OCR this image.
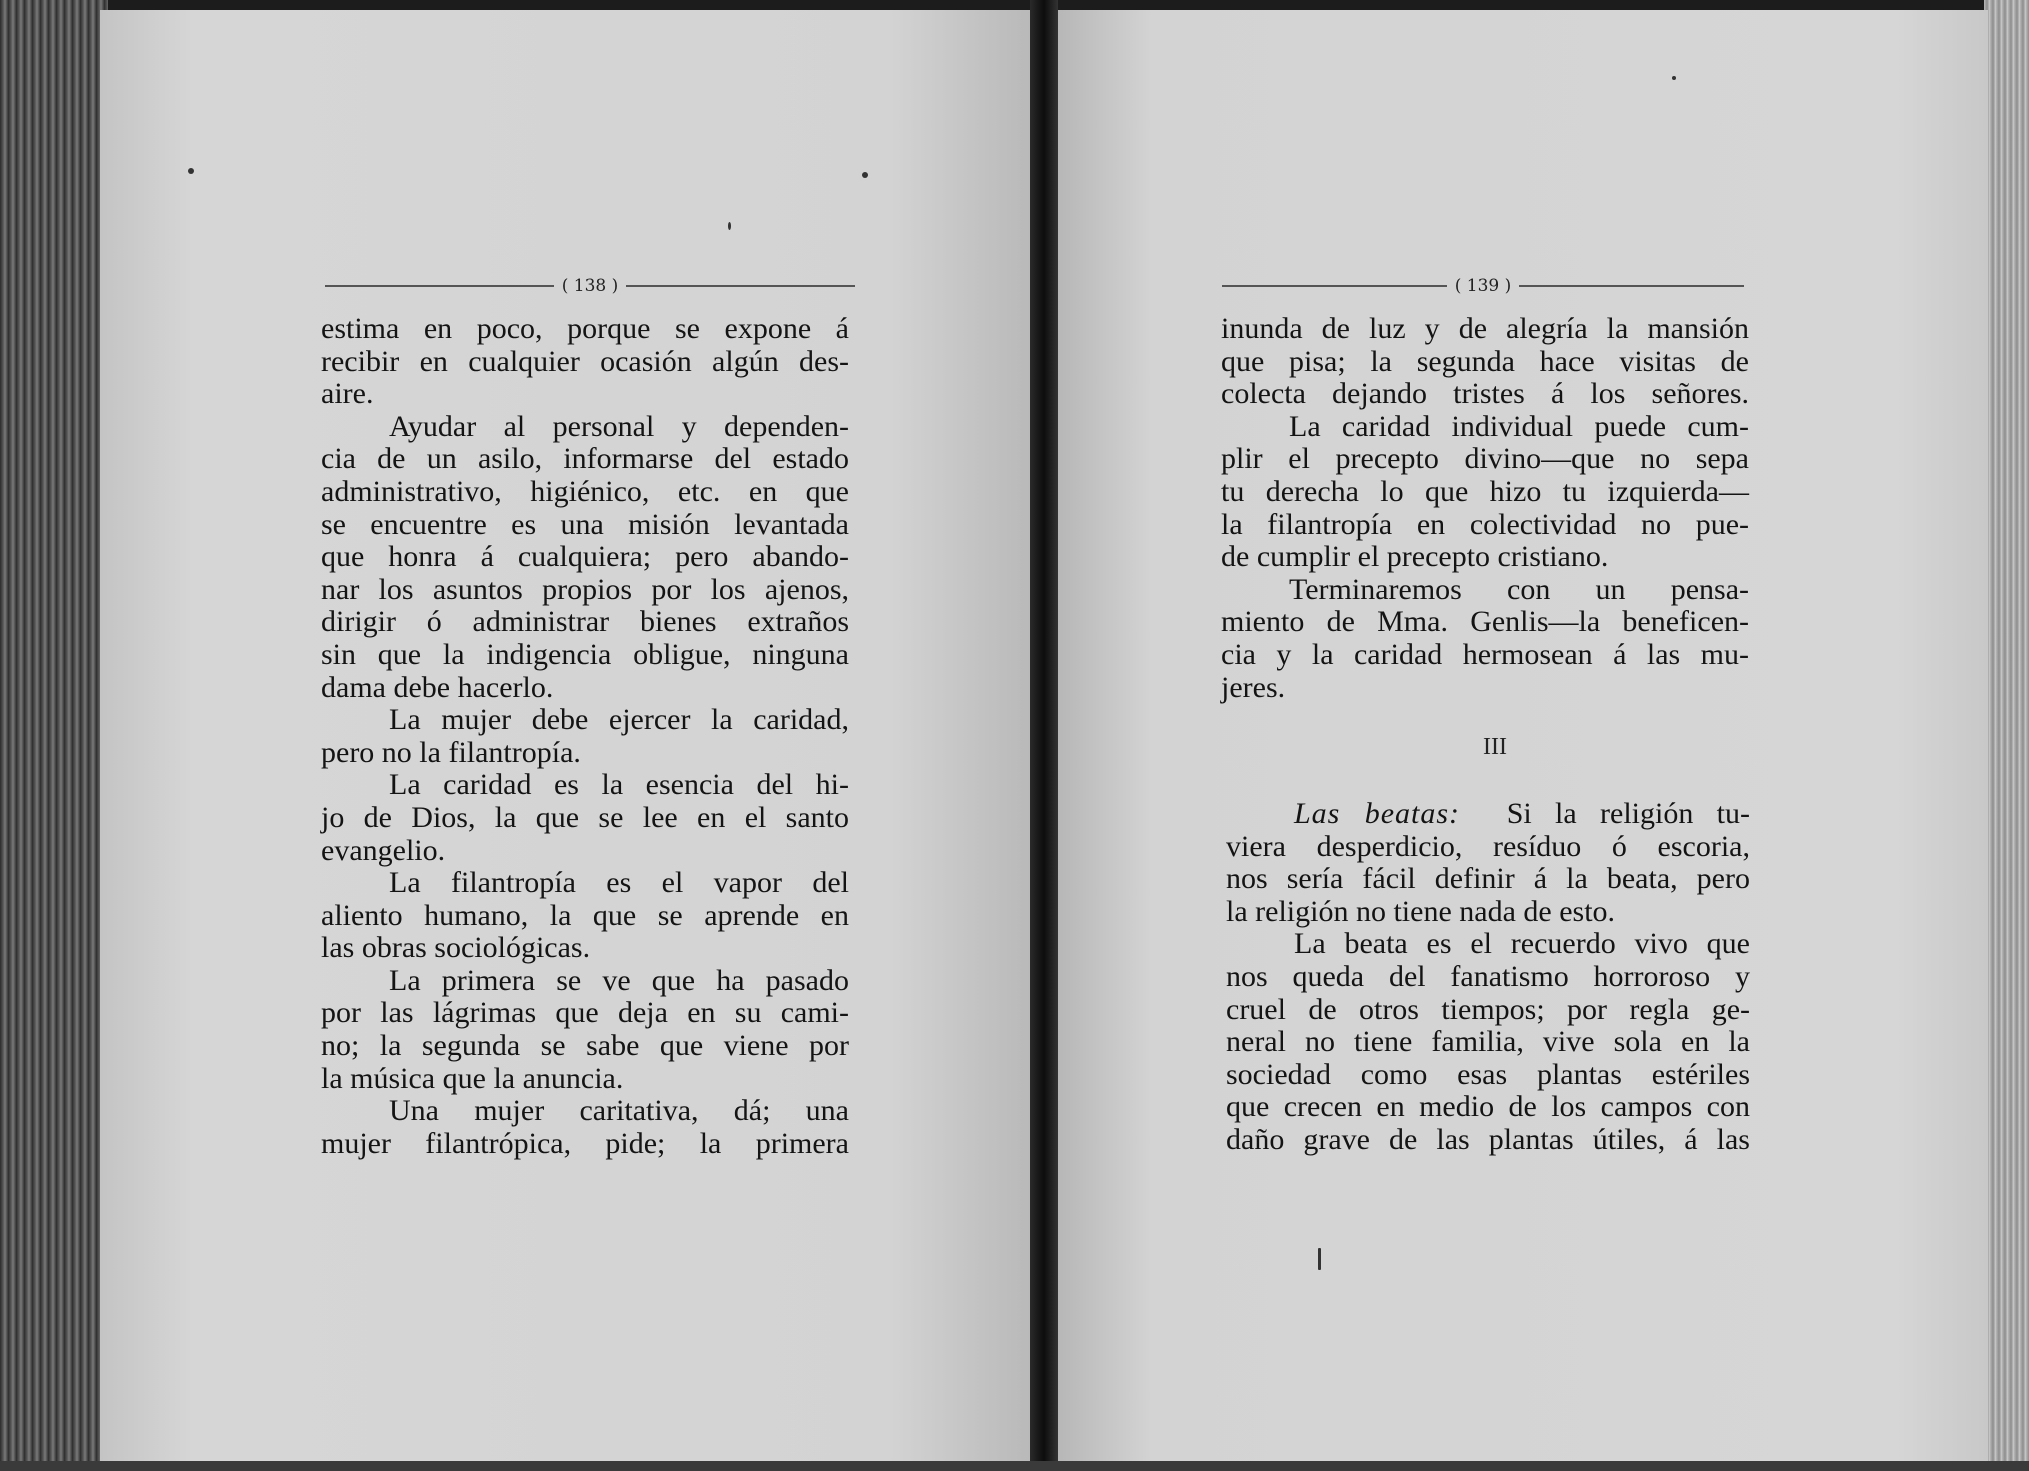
( 138 )
estima en poco, porque se expone á
recibir en cualquier ocasión algún des-
aire.
Ayudar al personal y dependen-
cia de un asilo, informarse del estado
administrativo, higiénico, etc. en que
se encuentre es una misión levantada
que honra á cualquiera; pero abando-
nar los asuntos propios por los ajenos,
dirigir ó administrar bienes extraños
sin que la indigencia obligue, ninguna
dama debe hacerlo.
La mujer debe ejercer la caridad,
pero no la filantropía.
La caridad es la esencia del hi-
jo de Dios, la que se lee en el santo
evangelio.
La filantropía es el vapor del
aliento humano, la que se aprende en
las obras sociológicas.
La primera se ve que ha pasado
por las lágrimas que deja en su cami-
no; la segunda se sabe que viene por
la música que la anuncia.
Una mujer caritativa, dá; una
mujer filantrópica, pide; la primera
( 139 )
inunda de luz y de alegría la mansión
que pisa; la segunda hace visitas de
colecta dejando tristes á los señores.
La caridad individual puede cum-
plir el precepto divino—que no sepa
tu derecha lo que hizo tu izquierda—
la filantropía en colectividad no pue-
de cumplir el precepto cristiano.
Terminaremos con un pensa-
miento de Mma. Genlis—la beneficen-
cia y la caridad hermosean á las mu-
jeres.
III
Las beatas: Si la religión tu-
viera desperdicio, resíduo ó escoria,
nos sería fácil definir á la beata, pero
la religión no tiene nada de esto.
La beata es el recuerdo vivo que
nos queda del fanatismo horroroso y
cruel de otros tiempos; por regla ge-
neral no tiene familia, vive sola en la
sociedad como esas plantas estériles
que crecen en medio de los campos con
daño grave de las plantas útiles, á las
